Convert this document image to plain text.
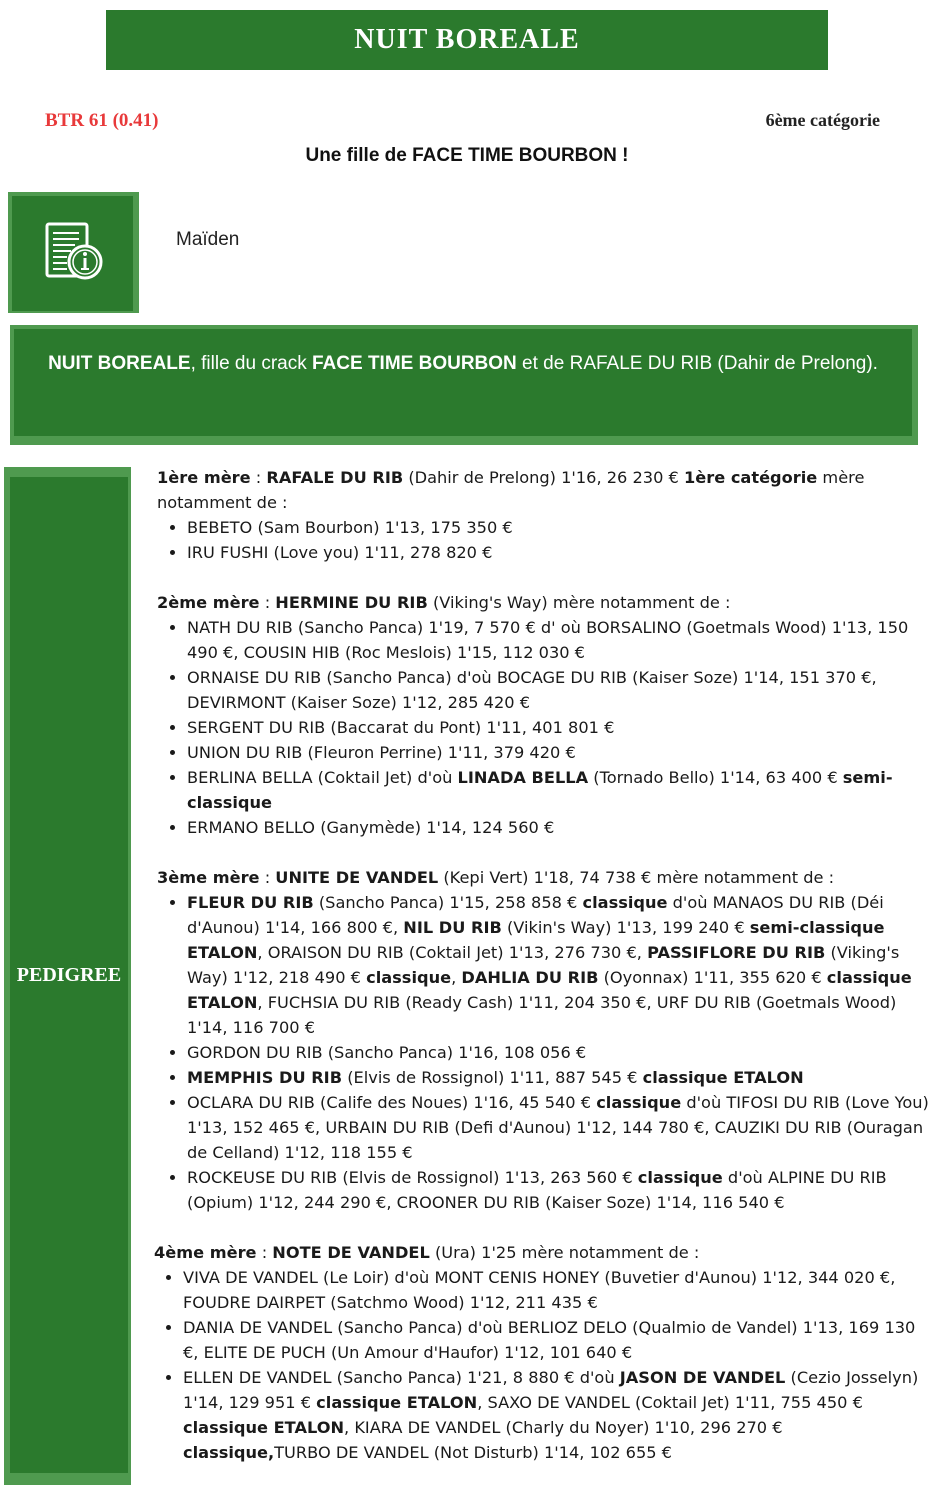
NUIT BOREALE
BTR 61 (0.41)	6ème catégorie
Une fille de FACE TIME BOURBON !
Maïden
NUIT BOREALE, fille du crack FACE TIME BOURBON et de RAFALE DU RIB (Dahir de Prelong).
PEDIGREE

1ère mère : RAFALE DU RIB (Dahir de Prelong) 1'16, 26 230 € 1ère catégorie mère notamment de :

• BEBETO (Sam Bourbon) 1'13, 175 350 €
• IRU FUSHI (Love you) 1'11, 278 820 €

2ème mère : HERMINE DU RIB (Viking's Way) mère notamment de :

• NATH DU RIB (Sancho Panca) 1'19, 7 570 € d' où BORSALINO (Goetmals Wood) 1'13, 150 490 €, COUSIN HIB (Roc Meslois) 1'15, 112 030 €
• ORNAISE DU RIB (Sancho Panca) d'où BOCAGE DU RIB (Kaiser Soze) 1'14, 151 370 €, DEVIRMONT (Kaiser Soze) 1'12, 285 420 €
• SERGENT DU RIB (Baccarat du Pont) 1'11, 401 801 €
• UNION DU RIB (Fleuron Perrine) 1'11, 379 420 €
• BERLINA BELLA (Coktail Jet) d'où LINADA BELLA (Tornado Bello) 1'14, 63 400 € semi-classique
• ERMANO BELLO (Ganymède) 1'14, 124 560 €

3ème mère : UNITE DE VANDEL (Kepi Vert) 1'18, 74 738 € mère notamment de :

• FLEUR DU RIB (Sancho Panca) 1'15, 258 858 € classique d'où MANAOS DU RIB (Déi d'Aunou) 1'14, 166 800 €, NIL DU RIB (Vikin's Way) 1'13, 199 240 € semi-classique ETALON, ORAISON DU RIB (Coktail Jet) 1'13, 276 730 €, PASSIFLORE DU RIB (Viking's Way) 1'12, 218 490 € classique, DAHLIA DU RIB (Oyonnax) 1'11, 355 620 € classique ETALON, FUCHSIA DU RIB (Ready Cash) 1'11, 204 350 €, URF DU RIB (Goetmals Wood) 1'14, 116 700 €
• GORDON DU RIB (Sancho Panca) 1'16, 108 056 €
• MEMPHIS DU RIB (Elvis de Rossignol) 1'11, 887 545 € classique ETALON
• OCLARA DU RIB (Calife des Noues) 1'16, 45 540 € classique d'où TIFOSI DU RIB (Love You) 1'13, 152 465 €, URBAIN DU RIB (Defi d'Aunou) 1'12, 144 780 €, CAUZIKI DU RIB (Ouragan de Celland) 1'12, 118 155 €
• ROCKEUSE DU RIB (Elvis de Rossignol) 1'13, 263 560 € classique d'où ALPINE DU RIB (Opium) 1'12, 244 290 €, CROONER DU RIB (Kaiser Soze) 1'14, 116 540 €

4ème mère : NOTE DE VANDEL (Ura) 1'25 mère notamment de :

• VIVA DE VANDEL (Le Loir) d'où MONT CENIS HONEY (Buvetier d'Aunou) 1'12, 344 020 €, FOUDRE DAIRPET (Satchmo Wood) 1'12, 211 435 €
• DANIA DE VANDEL (Sancho Panca) d'où BERLIOZ DELO (Qualmio de Vandel) 1'13, 169 130 €, ELITE DE PUCH (Un Amour d'Haufor) 1'12, 101 640 €
• ELLEN DE VANDEL (Sancho Panca) 1'21, 8 880 € d'où JASON DE VANDEL (Cezio Josselyn) 1'14, 129 951 € classique ETALON, SAXO DE VANDEL (Coktail Jet) 1'11, 755 450 € classique ETALON, KIARA DE VANDEL (Charly du Noyer) 1'10, 296 270 € classique,TURBO DE VANDEL (Not Disturb) 1'14, 102 655 €
